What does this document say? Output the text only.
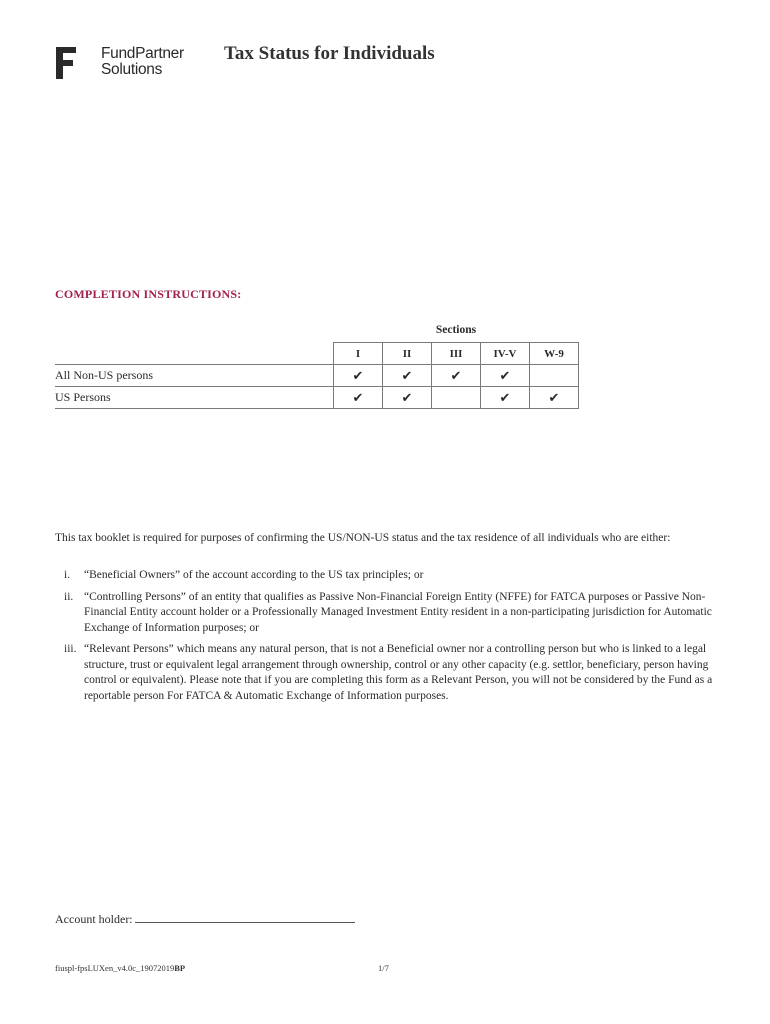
FundPartner
Solutions
Tax Status for Individuals
COMPLETION INSTRUCTIONS:
Sections
	I	II	III	IV-V	W-9
All Non-US persons	✔	✔	✔	✔	
US Persons	✔	✔		✔	✔
This tax booklet is required for purposes of confirming the US/NON-US status and the tax residence of all individuals who are either:
i. “Beneficial Owners” of the account according to the US tax principles; or
ii. “Controlling Persons” of an entity that qualifies as Passive Non-Financial Foreign Entity (NFFE) for FATCA purposes or Passive Non-Financial Entity account holder or a Professionally Managed Investment Entity resident in a non-participating jurisdiction for Automatic Exchange of Information purposes; or
iii. “Relevant Persons” which means any natural person, that is not a Beneficial owner nor a controlling person but who is linked to a legal structure, trust or equivalent legal arrangement through ownership, control or any other capacity (e.g. settlor, beneficiary, person having control or equivalent). Please note that if you are completing this form as a Relevant Person, you will not be considered by the Fund as a reportable person For FATCA & Automatic Exchange of Information purposes.
Account holder:
fiuspl-fpsLUXen_v4.0c_19072019BP	1/7
